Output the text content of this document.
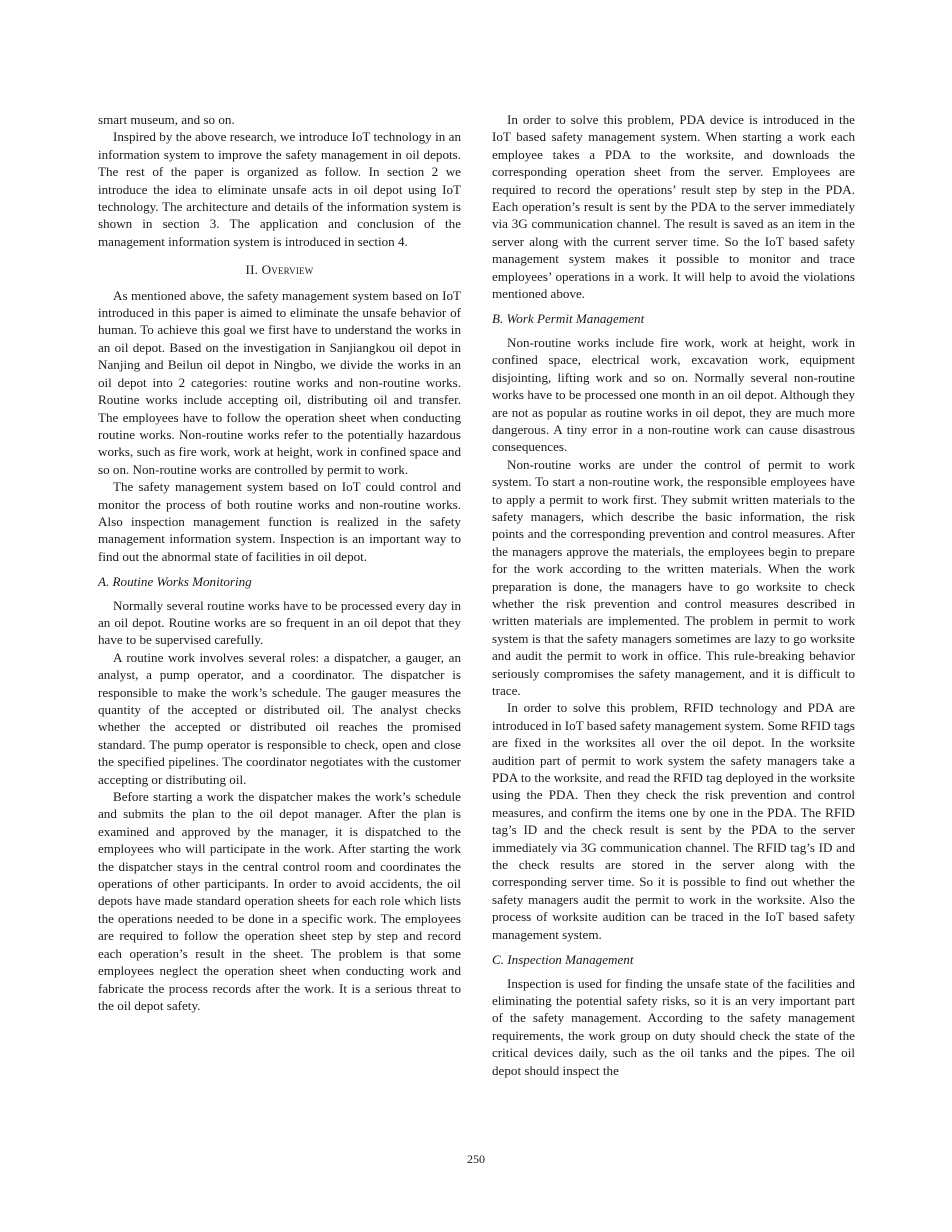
smart museum, and so on.

Inspired by the above research, we introduce IoT technology in an information system to improve the safety management in oil depots. The rest of the paper is organized as follow. In section 2 we introduce the idea to eliminate unsafe acts in oil depot using IoT technology. The architecture and details of the information system is shown in section 3. The application and conclusion of the management information system is introduced in section 4.

II. Overview

As mentioned above, the safety management system based on IoT introduced in this paper is aimed to eliminate the unsafe behavior of human. To achieve this goal we first have to understand the works in an oil depot. Based on the investigation in Sanjiangkou oil depot in Nanjing and Beilun oil depot in Ningbo, we divide the works in an oil depot into 2 categories: routine works and non-routine works. Routine works include accepting oil, distributing oil and transfer. The employees have to follow the operation sheet when conducting routine works. Non-routine works refer to the potentially hazardous works, such as fire work, work at height, work in confined space and so on. Non-routine works are controlled by permit to work.

The safety management system based on IoT could control and monitor the process of both routine works and non-routine works. Also inspection management function is realized in the safety management information system. Inspection is an important way to find out the abnormal state of facilities in oil depot.

A. Routine Works Monitoring

Normally several routine works have to be processed every day in an oil depot. Routine works are so frequent in an oil depot that they have to be supervised carefully.

A routine work involves several roles: a dispatcher, a gauger, an analyst, a pump operator, and a coordinator. The dispatcher is responsible to make the work’s schedule. The gauger measures the quantity of the accepted or distributed oil. The analyst checks whether the accepted or distributed oil reaches the promised standard. The pump operator is responsible to check, open and close the specified pipelines. The coordinator negotiates with the customer accepting or distributing oil.

Before starting a work the dispatcher makes the work’s schedule and submits the plan to the oil depot manager. After the plan is examined and approved by the manager, it is dispatched to the employees who will participate in the work. After starting the work the dispatcher stays in the central control room and coordinates the operations of other participants. In order to avoid accidents, the oil depots have made standard operation sheets for each role which lists the operations needed to be done in a specific work. The employees are required to follow the operation sheet step by step and record each operation’s result in the sheet. The problem is that some employees neglect the operation sheet when conducting work and fabricate the process records after the work. It is a serious threat to the oil depot safety.

In order to solve this problem, PDA device is introduced in the IoT based safety management system. When starting a work each employee takes a PDA to the worksite, and downloads the corresponding operation sheet from the server. Employees are required to record the operations’ result step by step in the PDA. Each operation’s result is sent by the PDA to the server immediately via 3G communication channel. The result is saved as an item in the server along with the current server time. So the IoT based safety management system makes it possible to monitor and trace employees’ operations in a work. It will help to avoid the violations mentioned above.

B. Work Permit Management

Non-routine works include fire work, work at height, work in confined space, electrical work, excavation work, equipment disjointing, lifting work and so on. Normally several non-routine works have to be processed one month in an oil depot. Although they are not as popular as routine works in oil depot, they are much more dangerous. A tiny error in a non-routine work can cause disastrous consequences.

Non-routine works are under the control of permit to work system. To start a non-routine work, the responsible employees have to apply a permit to work first. They submit written materials to the safety managers, which describe the basic information, the risk points and the corresponding prevention and control measures. After the managers approve the materials, the employees begin to prepare for the work according to the written materials. When the work preparation is done, the managers have to go worksite to check whether the risk prevention and control measures described in written materials are implemented. The problem in permit to work system is that the safety managers sometimes are lazy to go worksite and audit the permit to work in office. This rule-breaking behavior seriously compromises the safety management, and it is difficult to trace.

In order to solve this problem, RFID technology and PDA are introduced in IoT based safety management system. Some RFID tags are fixed in the worksites all over the oil depot. In the worksite audition part of permit to work system the safety managers take a PDA to the worksite, and read the RFID tag deployed in the worksite using the PDA. Then they check the risk prevention and control measures, and confirm the items one by one in the PDA. The RFID tag’s ID and the check result is sent by the PDA to the server immediately via 3G communication channel. The RFID tag’s ID and the check results are stored in the server along with the corresponding server time. So it is possible to find out whether the safety managers audit the permit to work in the worksite. Also the process of worksite audition can be traced in the IoT based safety management system.

C. Inspection Management

Inspection is used for finding the unsafe state of the facilities and eliminating the potential safety risks, so it is an very important part of the safety management. According to the safety management requirements, the work group on duty should check the state of the critical devices daily, such as the oil tanks and the pipes. The oil depot should inspect the

250
